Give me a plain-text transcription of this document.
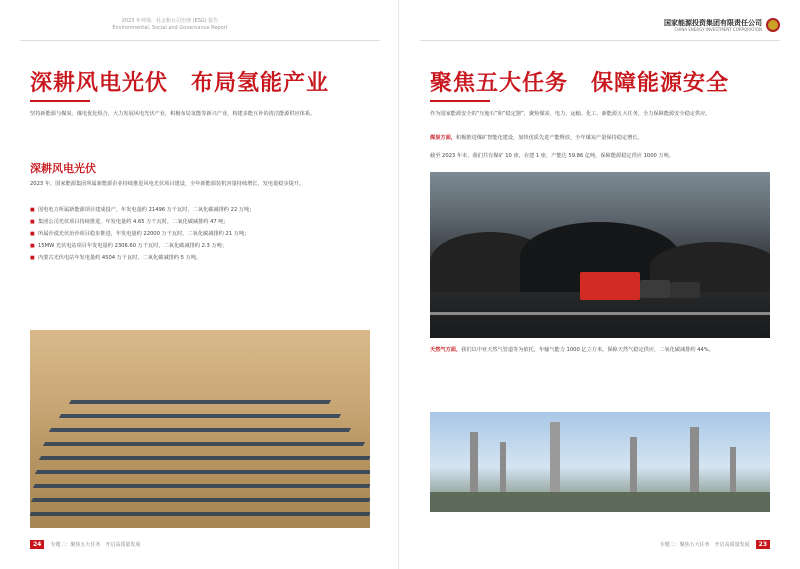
2023 年环境、社会和公司治理 (ESG) 报告
Environmental, Social and Governance Report
深耕风电光伏　布局氢能产业
坚持新能源与煤炭、煤电优化组合，大力发展风电光伏产业，积极布局氢能等新兴产业，构建多能互补的清洁能源供应体系。
深耕风电光伏
2023 年，国家能源集团所属新能源企业持续推进风电光伏项目建设，全年新能源装机容量持续增长，发电量稳步提升。
■ 国电电力所属新能源项目建成投产，年发电量约 21496 万千瓦时，二氧化碳减排约 22 万吨；
■ 集团公司光伏项目持续推进，年发电量约 4.65 万千瓦时，二氧化碳减排约 47 吨；
■ 所属沙漠光伏治沙项目稳步推进，年发电量约 22000 万千瓦时，二氧化碳减排约 21 万吨；
■ 15MW 光伏电站项目年发电量约 2306.60 万千瓦时，二氧化碳减排约 2.3 万吨；
■ 内蒙古光伏电站年发电量约 4504 万千瓦时，二氧化碳减排约 5 万吨。
24	专题二：聚焦五大任务　开启高质量发展
国家能源投资集团有限责任公司
CHINA ENERGY INVESTMENT CORPORATION
聚焦五大任务　保障能源安全
作为国家能源安全的“压舱石”和“稳定器”，聚焦煤炭、电力、运输、化工、新能源五大任务，全力保障能源安全稳定供应。
煤炭方面，积极推进煤矿智能化建设，加快优质先进产能释放，全年煤炭产量保持稳定增长。
截至 2023 年末，我们共有煤矿 10 座，在建 1 座，产能达 59.86 亿吨，保障能源稳定供应 1000 万吨。
天然气方面，我们以中亚天然气管道等为依托，年输气能力 1000 亿立方米，保障天然气稳定供应，二氧化碳减排约 44%。
专题二：聚焦五大任务　开启高质量发展	23
